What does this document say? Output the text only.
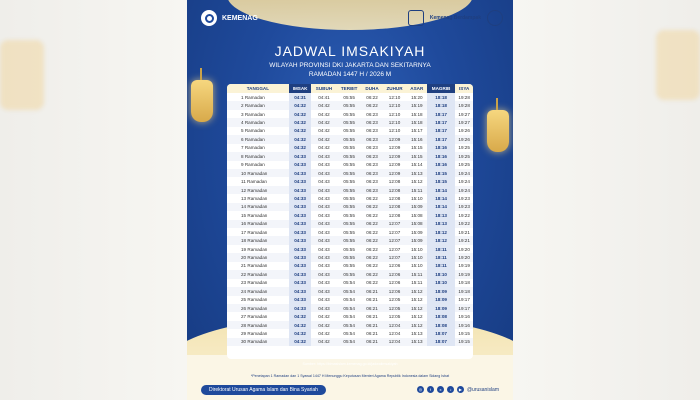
KEMENAG	Kemenag Berdampak
JADWAL IMSAKIYAH
WILAYAH PROVINSI DKI JAKARTA DAN SEKITARNYA
RAMADAN 1447 H / 2026 M
TANGGAL	IMSAK	SUBUH	TERBIT	DUHA	ZUHUR	ASAR	MAGRIB	ISYA
1 Ramadan	04:31	04:41	05:55	06:22	12:10	15:20	18:18	19:28
2 Ramadan	04:32	04:42	05:55	06:22	12:10	15:19	18:18	19:28
3 Ramadan	04:32	04:42	05:55	06:23	12:10	15:18	18:17	19:27
4 Ramadan	04:32	04:42	05:55	06:23	12:10	15:18	18:17	19:27
5 Ramadan	04:32	04:42	05:55	06:23	12:10	15:17	18:17	19:26
6 Ramadan	04:32	04:42	05:55	06:23	12:09	15:16	18:17	19:26
7 Ramadan	04:32	04:42	05:55	06:23	12:09	15:15	18:16	19:25
8 Ramadan	04:33	04:43	05:55	06:23	12:09	15:15	18:16	19:25
9 Ramadan	04:33	04:43	05:55	06:23	12:09	15:14	18:16	19:25
10 Ramadan	04:33	04:43	05:55	06:23	12:09	15:13	18:15	19:24
11 Ramadan	04:33	04:43	05:55	06:23	12:08	15:12	18:15	19:24
12 Ramadan	04:33	04:43	05:55	06:23	12:08	15:11	18:14	19:24
13 Ramadan	04:33	04:43	05:55	06:22	12:08	15:10	18:14	19:23
14 Ramadan	04:33	04:43	05:55	06:22	12:08	15:09	18:14	19:23
15 Ramadan	04:33	04:43	05:55	06:22	12:08	15:08	18:13	19:22
16 Ramadan	04:33	04:43	05:55	06:22	12:07	15:08	18:13	19:22
17 Ramadan	04:33	04:43	05:55	06:22	12:07	15:09	18:12	19:21
18 Ramadan	04:33	04:43	05:55	06:22	12:07	15:09	18:12	19:21
19 Ramadan	04:33	04:43	05:55	06:22	12:07	15:10	18:11	19:20
20 Ramadan	04:33	04:43	05:55	06:22	12:07	15:10	18:11	19:20
21 Ramadan	04:33	04:43	05:55	06:22	12:06	15:10	18:11	19:19
22 Ramadan	04:33	04:43	05:55	06:22	12:06	15:11	18:10	19:19
23 Ramadan	04:33	04:43	05:54	06:22	12:06	15:11	18:10	19:18
24 Ramadan	04:33	04:43	05:54	06:21	12:06	15:12	18:09	19:18
25 Ramadan	04:33	04:43	05:54	06:21	12:05	15:12	18:09	19:17
26 Ramadan	04:33	04:43	05:54	06:21	12:05	15:12	18:09	19:17
27 Ramadan	04:32	04:42	05:54	06:21	12:05	15:12	18:08	19:16
28 Ramadan	04:32	04:42	05:54	06:21	12:04	15:12	18:08	19:16
29 Ramadan	04:32	04:42	05:54	06:21	12:04	15:13	18:07	19:15
30 Ramadan	04:32	04:42	05:54	06:21	12:04	15:13	18:07	19:15
Sumber: https://bimasislam.kemenag.go.id/jadwalimsakiyah
*Penetapan 1 Ramadan dan 1 Syawal 1447 H Menunggu Keputusan Menteri Agama Republik Indonesia dalam Sidang Isbat
Direktorat Urusan Agama Islam dan Bina Syariah	◎	f	x	♪	▶ @urusanislam
